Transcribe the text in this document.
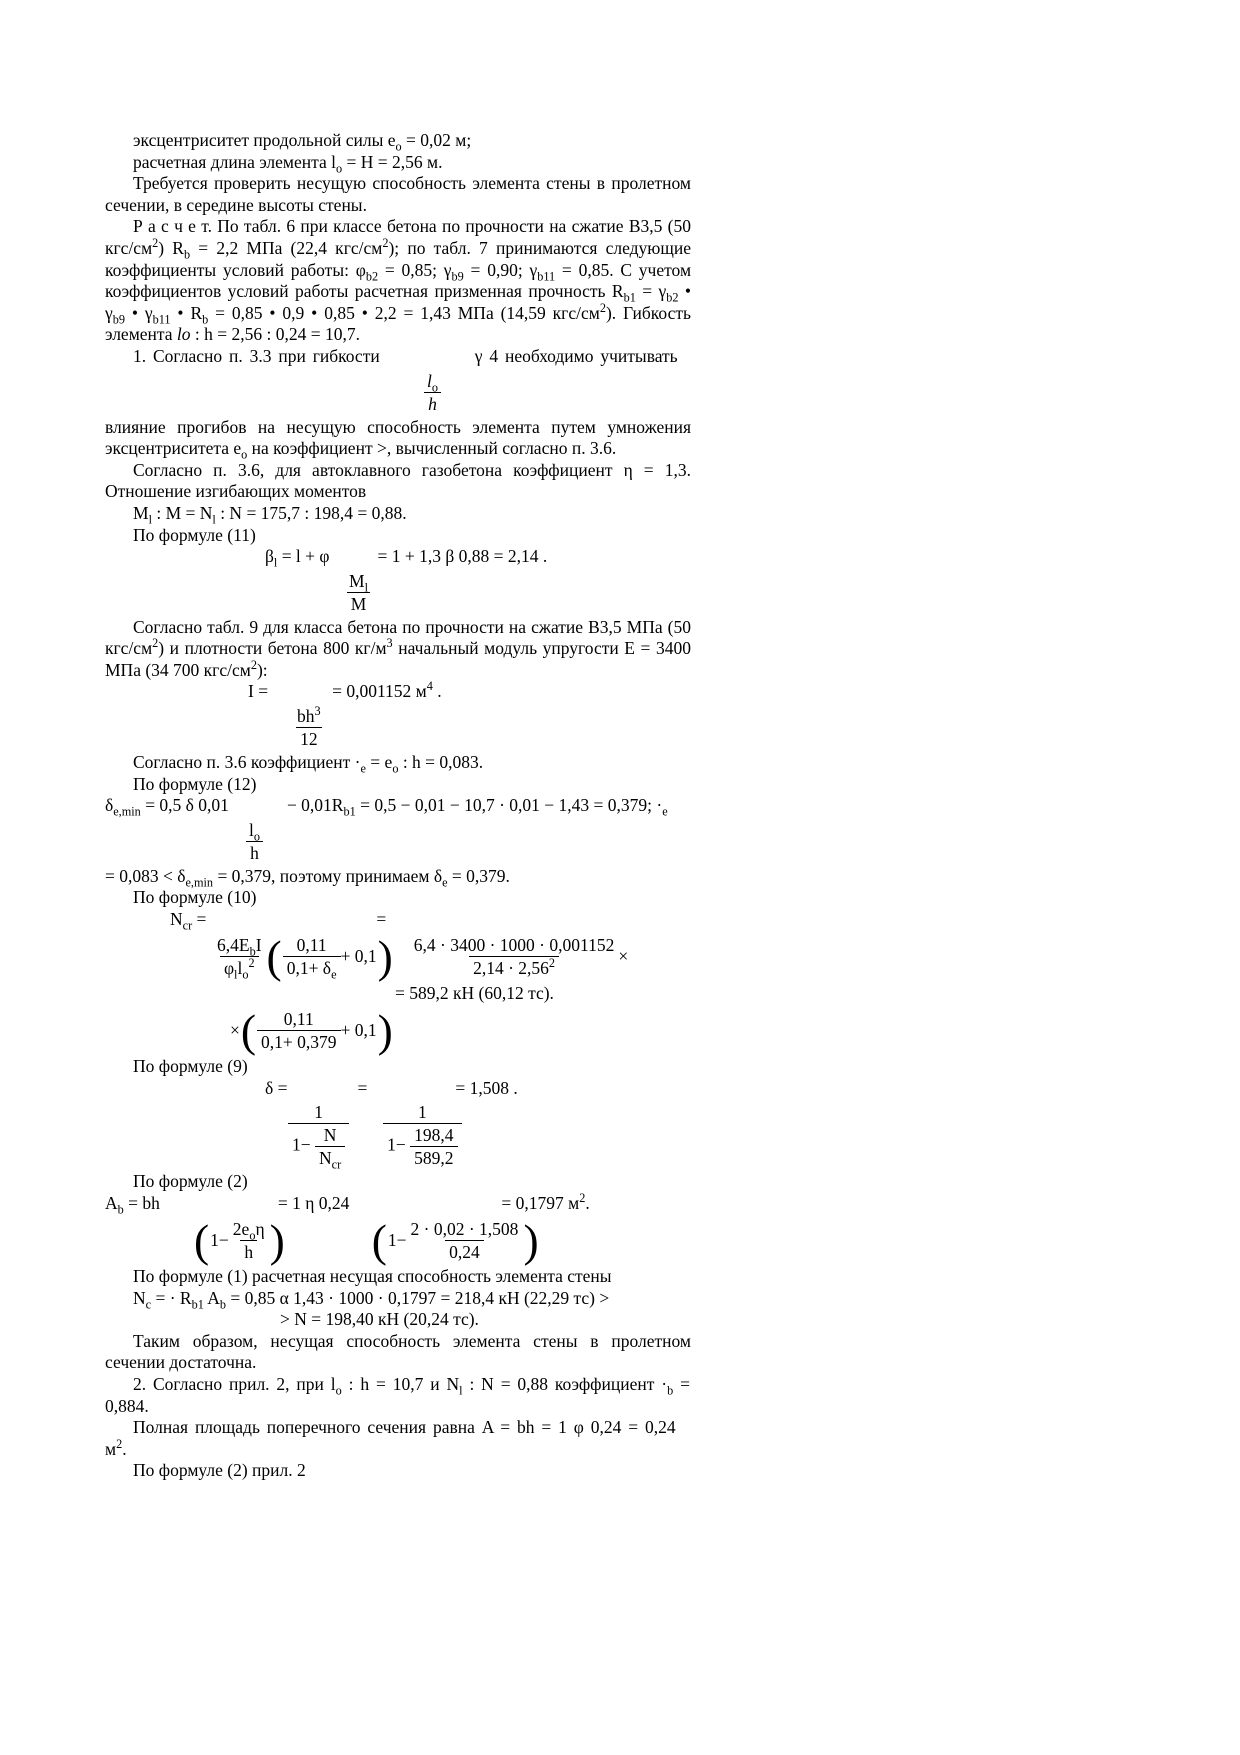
эксцентриситет продольной силы $e_о = 0,02$ м;

расчетная длина элемента $l_о = H = 2,56$ м.

Требуется проверить несущую способность элемента стены в пролетном сечении, в середине высоты стены.

Р а с ч е т. По табл. 6 при классе бетона по прочности на сжатие В3,5 (50 кгс/$см^2$) $R_b = 2,2$ МПа (22,4 кгс/$см^2$); по табл. 7 принимаются следующие коэффициенты условий работы: $\varphi_{b2} = 0,85$; $\gamma_{b9} = 0,90$; $\gamma_{b11} = 0,85$. С учетом коэффициентов условий работы расчетная призменная прочность $R_{b1} = \gamma_{b2}$ • $\gamma_{b9}$ • $\gamma_{b11}$ • $R_b = 0,85$ • 0,9 • 0,85 • 2,2 = 1,43 МПа (14,59 кгс/$см^2$). Гибкость элемента lo : h = 2,56 : 0,24 = 10,7.

1. Согласно п. 3.3 при гибкости	γ 4 необходимо учитывать

$\frac{l_o}{h}$

влияние прогибов на несущую способность элемента путем умножения эксцентриситета $e_о$ на коэффициент >, вычисленный согласно п. 3.6.

Согласно п. 3.6, для автоклавного газобетона коэффициент η = 1,3. Отношение изгибающих моментов

$M_l$ : $M = N_l$ : N = 175,7 : 198,4 = 0,88.

По формуле (11)

$\beta_l = l + \varphi$	= 1 + 1,3 β 0,88 = 2,14 .

$\frac{M_l}{M}$

Согласно табл. 9 для класса бетона по прочности на сжатие В3,5 МПа (50 кгс/$см^2$) и плотности бетона 800 $кг/м^3$ начальный модуль упругости E = 3400 МПа (34 700 кгс/$см^2$):

I =	= 0,001152 $м^4$ .

$\frac{bh^3}{12}$

Согласно п. 3.6 коэффициент $\cdot_e = e_о$ : h = 0,083.

По формуле (12)

$\delta_{e,min} = 0,5$ δ 0,01	− $0,01R_{b1} = 0,5 - 0,01 - 10,7 \cdot 0,01 - 1,43 = 0,379$; $\cdot_e$

$\frac{l_о}{h}$

= $0,083 < \delta_{e,min} = 0,379$, поэтому принимаем $\delta_e = 0,379$.

По формуле (10)

$N_{cr}$ =	=

$\frac{6,4E_bI}{\varphi_ll_o^2}$ ( $\frac{0,11}{0,1+ \delta_e} + 0,1$ ) $\frac{6,4 \cdot 3400 \cdot 1000 \cdot 0,001152}{2,14 \cdot 2,56^2}$ ×

= 589,2 кН (60,12 тс).

× ( $\frac{0,11}{0,1+ 0,379} + 0,1$ )

По формуле (9)

δ =	=	= 1,508 .

$\frac{1}{1- \frac{N}{N_{cr}}} \frac{1}{1- \frac{198,4}{589,2}}$

По формуле (2)

$A_b$ = bh	= 1 η 0,24	= 0,1797 $м^2$.

( $1- \frac{2e_о\eta}{h}$ ) ( $1- \frac{2 \cdot 0,02 \cdot 1,508}{0,24}$ )

По формуле (1) расчетная несущая способность элемента стены

$N_c$ = · $R_{b1}$ $A_b = 0,85$ α 1,43 · 1000 · 0,1797 = 218,4 кН (22,29 тс) >

> N = 198,40 кН (20,24 тс).

Таким образом, несущая способность элемента стены в пролетном сечении достаточна.

2. Согласно прил. 2, при $l_о$ : h = 10,7 и $N_l$ : N = 0,88 коэффициент $\cdot_b$ =

0,884.

Полная площадь поперечного сечения равна A = bh = 1 φ 0,24 = 0,24

$м^2$.

По формуле (2) прил. 2
